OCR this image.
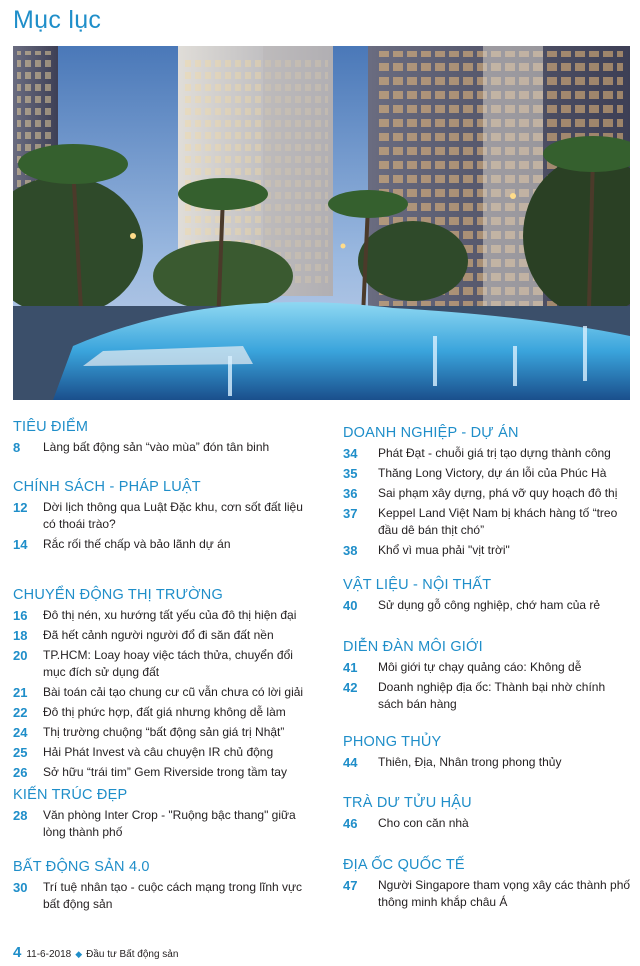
Mục lục
TIÊU ĐIỂM
8	Làng bất động sản “vào mùa” đón tân binh
CHÍNH SÁCH - PHÁP LUẬT
12	Dời lịch thông qua Luật Đặc khu, cơn sốt đất liệu có thoái trào?
14	Rắc rối thế chấp và bảo lãnh dự án
CHUYỂN ĐỘNG THỊ TRƯỜNG
16	Đô thị nén, xu hướng tất yếu của đô thị hiện đại
18	Đã hết cảnh người người đổ đi săn đất nền
20	TP.HCM: Loay hoay việc tách thửa, chuyển đổi mục đích sử dụng đất
21	Bài toán cải tạo chung cư cũ vẫn chưa có lời giải
22	Đô thị phức hợp, đất giá nhưng không dễ làm
24	Thị trường chuộng “bất động sản giá trị Nhật”
25	Hải Phát Invest và câu chuyện IR chủ động
26	Sở hữu “trái tim” Gem Riverside trong tầm tay
KIẾN TRÚC ĐẸP
28	Văn phòng Inter Crop - "Ruộng bậc thang" giữa lòng thành phố
BẤT ĐỘNG SẢN 4.0
30	Trí tuệ nhân tạo - cuộc cách mạng trong lĩnh vực bất động sản
DOANH NGHIỆP - DỰ ÁN
34	Phát Đạt - chuỗi giá trị tạo dựng thành công
35	Thăng Long Victory, dự án lỗi của Phúc Hà
36	Sai phạm xây dựng, phá vỡ quy hoạch đô thị
37	Keppel Land Việt Nam bị khách hàng tố “treo đầu dê bán thịt chó”
38	Khổ vì mua phải "vịt trời"
VẬT LIỆU - NỘI THẤT
40	Sử dụng gỗ công nghiệp, chớ ham của rẻ
DIỄN ĐÀN MÔI GIỚI
41	Môi giới tự chạy quảng cáo: Không dễ
42	Doanh nghiệp địa ốc: Thành bại nhờ chính sách bán hàng
PHONG THỦY
44	Thiên, Địa, Nhân trong phong thủy
TRÀ DƯ TỬU HẬU
46	Cho con căn nhà
ĐỊA ỐC QUỐC TẾ
47	Người Singapore tham vọng xây các thành phố thông minh khắp châu Á
4 11-6-2018 ◆ Đầu tư Bất động sản
